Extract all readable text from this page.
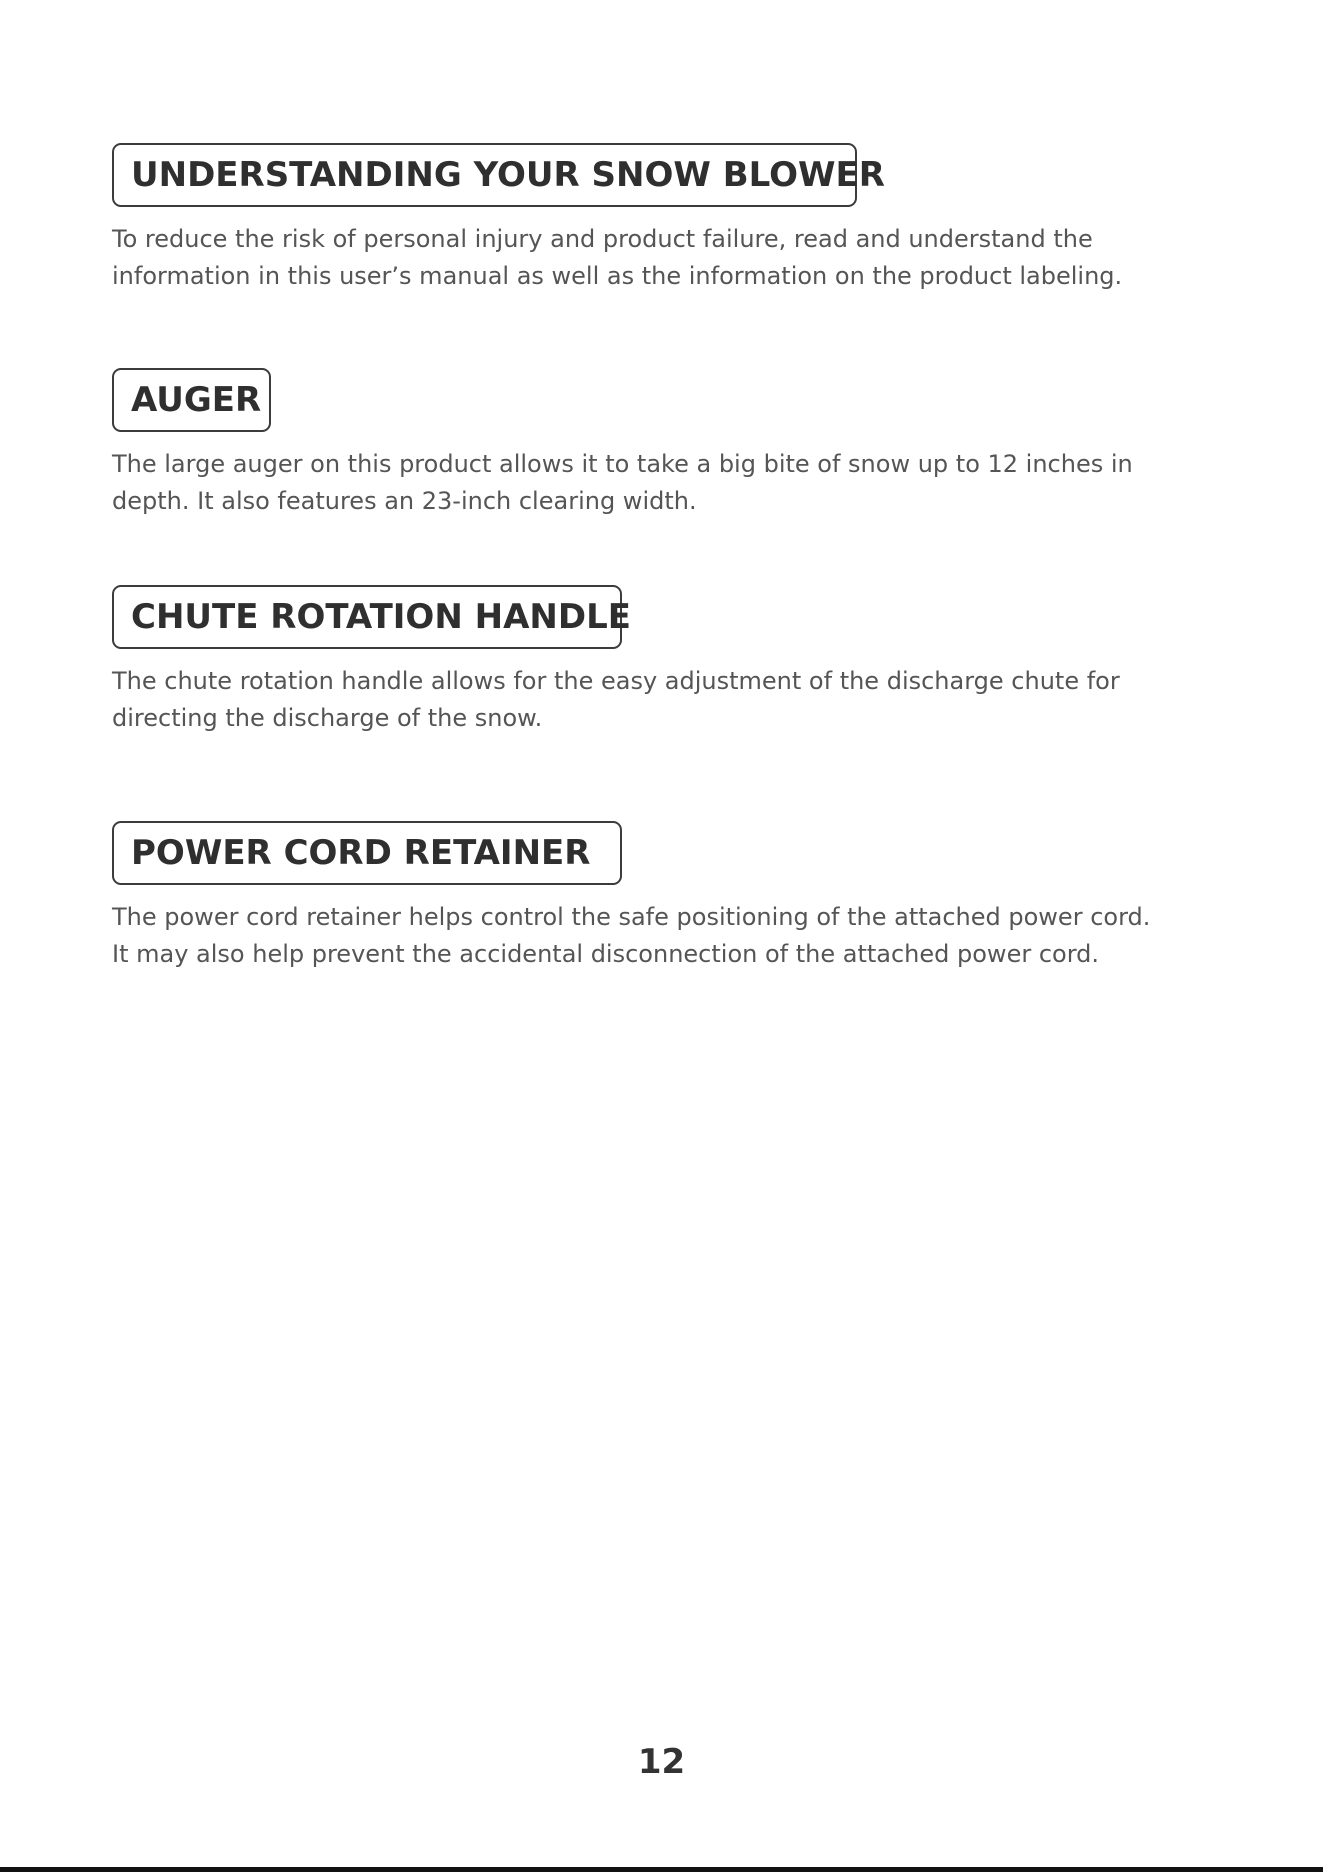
UNDERSTANDING YOUR SNOW BLOWER
To reduce the risk of personal injury and product failure, read and understand the
information in this user’s manual as well as the information on the product labeling.
AUGER
The large auger on this product allows it to take a big bite of snow up to 12 inches in
depth. It also features an 23-inch clearing width.
CHUTE ROTATION HANDLE
The chute rotation handle allows for the easy adjustment of the discharge chute for
directing the discharge of the snow.
POWER CORD RETAINER
The power cord retainer helps control the safe positioning of the attached power cord.
It may also help prevent the accidental disconnection of the attached power cord.
12
